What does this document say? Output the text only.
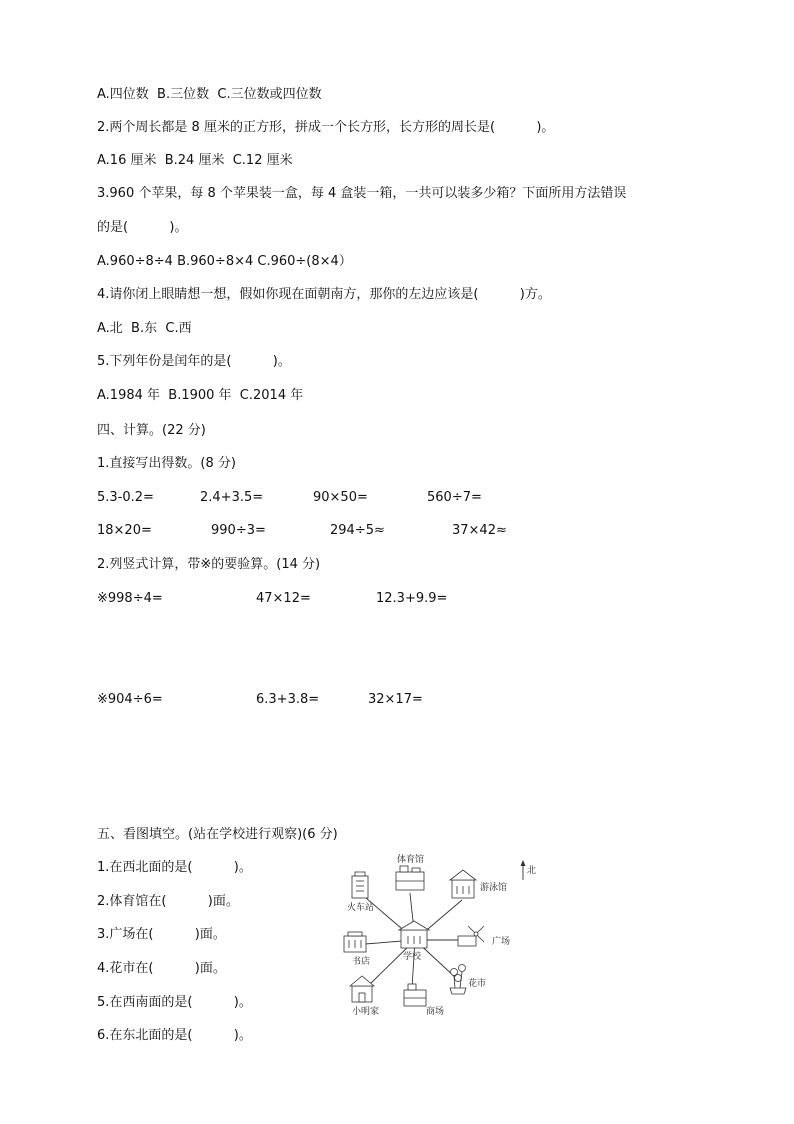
A.四位数  B.三位数  C.三位数或四位数
2.两个周长都是 8 厘米的正方形，拼成一个长方形，长方形的周长是(          )。
A.16 厘米  B.24 厘米  C.12 厘米
3.960 个苹果，每 8 个苹果装一盒，每 4 盒装一箱，一共可以装多少箱？下面所用方法错误
的是(          )。
A.960÷8÷4 B.960÷8×4 C.960÷(8×4）
4.请你闭上眼睛想一想，假如你现在面朝南方，那你的左边应该是(          )方。
A.北  B.东  C.西
5.下列年份是闰年的是(          )。
A.1984 年  B.1900 年  C.2014 年
四、计算。(22 分)
1.直接写出得数。(8 分)
5.3-0.2=	2.4+3.5=	90×50=	560÷7=
18×20=	990÷3=	294÷5≈	37×42≈
2.列竖式计算，带※的要验算。(14 分)
※998÷4=	47×12=	12.3+9.9=
※904÷6=	6.3+3.8=	32×17=
五、看图填空。(站在学校进行观察)(6 分)
1.在西北面的是(          )。
2.体育馆在(          )面。
3.广场在(          )面。
4.花市在(          )面。
5.在西南面的是(          )。
6.在东北面的是(          )。
北
学校
体育馆
火车站
游泳馆
书店
广场
小明家	商场
花市
